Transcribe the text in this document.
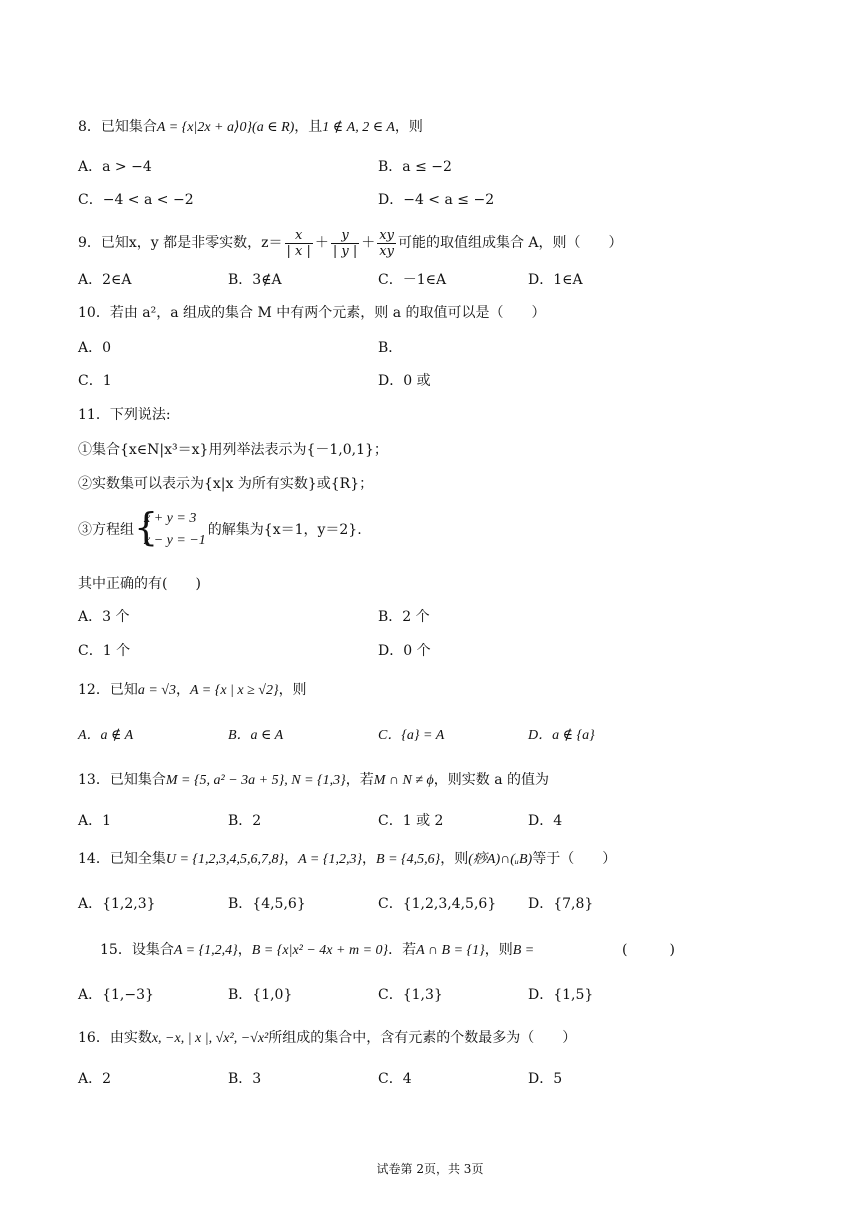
8．已知集合A = {x|2x + a⟩0}(a ∈ R)，且1 ∉ A, 2 ∈ A，则
A．a > −4	B．a ≤ −2
C．−4 < a < −2	D．−4 < a ≤ −2
9．已知x，y 都是非零实数，$z= \frac{x}{| x |} + \frac{y}{| y |} + \frac{xy}{xy}$ 可能的取值组成集合 A，则（　　）
A．2∈A	B．3∉A	C．－1∈A	D．1∈A
10．若由 a²，a 组成的集合 M 中有两个元素，则 a 的取值可以是（　　）
A．0	B．
C．1	D．0 或
11．下列说法:
①集合{x∈N|x³＝x}用列举法表示为{－1,0,1}；
②实数集可以表示为{x|x 为所有实数}或{R}；
③方程组 {
x + y = 3
x − y = −1
的解集为{x＝1，y＝2}.
其中正确的有(　　)
A．3 个	B．2 个
C．1 个	D．0 个
12．已知a = √3，A = {x | x ≥ √2}，则
A．a ∉ A	B．a ∈ A	C．{a} = A	D．a ∉ {a}
13．已知集合M = {5, a² − 3a + 5}, N = {1,3}，若M ∩ N ≠ ϕ，则实数 a 的值为
A．1	B．2	C．1 或 2	D．4
14．已知全集U = {1,2,3,4,5,6,7,8}，A = {1,2,3}，B = {4,5,6}，则(痧A)∩(ᵤB)等于（　　）
A．{1,2,3}	B．{4,5,6}	C．{1,2,3,4,5,6} D．{7,8}
15．设集合A = {1,2,4}，B = {x|x² − 4x + m = 0}．若A ∩ B = {1}，则B =	(　　　)
A．{1,−3}	B．{1,0}	C．{1,3}	D．{1,5}
16．由实数x, −x, | x |, √x², −√x²所组成的集合中，含有元素的个数最多为（　　）
A．2	B．3	C．4	D．5
试卷第 2页，共 3页
